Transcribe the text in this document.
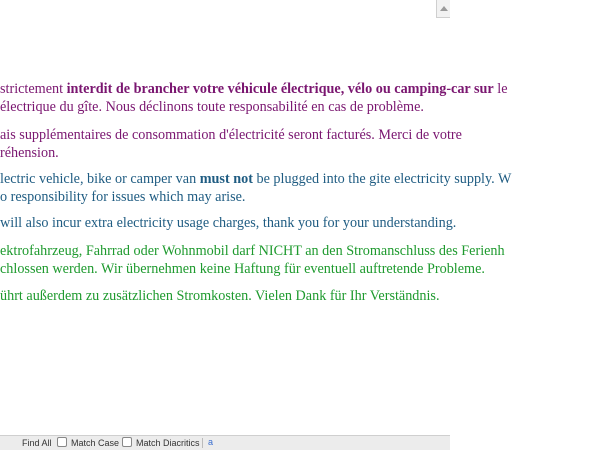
strictement interdit de brancher votre véhicule électrique, vélo ou camping-car sur le
électrique du gîte. Nous déclinons toute responsabilité en cas de problème.

ais supplémentaires de consommation d'électricité seront facturés. Merci de votre
réhension.

lectric vehicle, bike or camper van must not be plugged into the gite electricity supply. W
o responsibility for issues which may arise.

will also incur extra electricity usage charges, thank you for your understanding.

ektrofahrzeug, Fahrrad oder Wohnmobil darf NICHT an den Stromanschluss des Ferienh
chlossen werden. Wir übernehmen keine Haftung für eventuell auftretende Probleme.

ührt außerdem zu zusätzlichen Stromkosten. Vielen Dank für Ihr Verständnis.

Find All	Match Case	Match Diacritics a
